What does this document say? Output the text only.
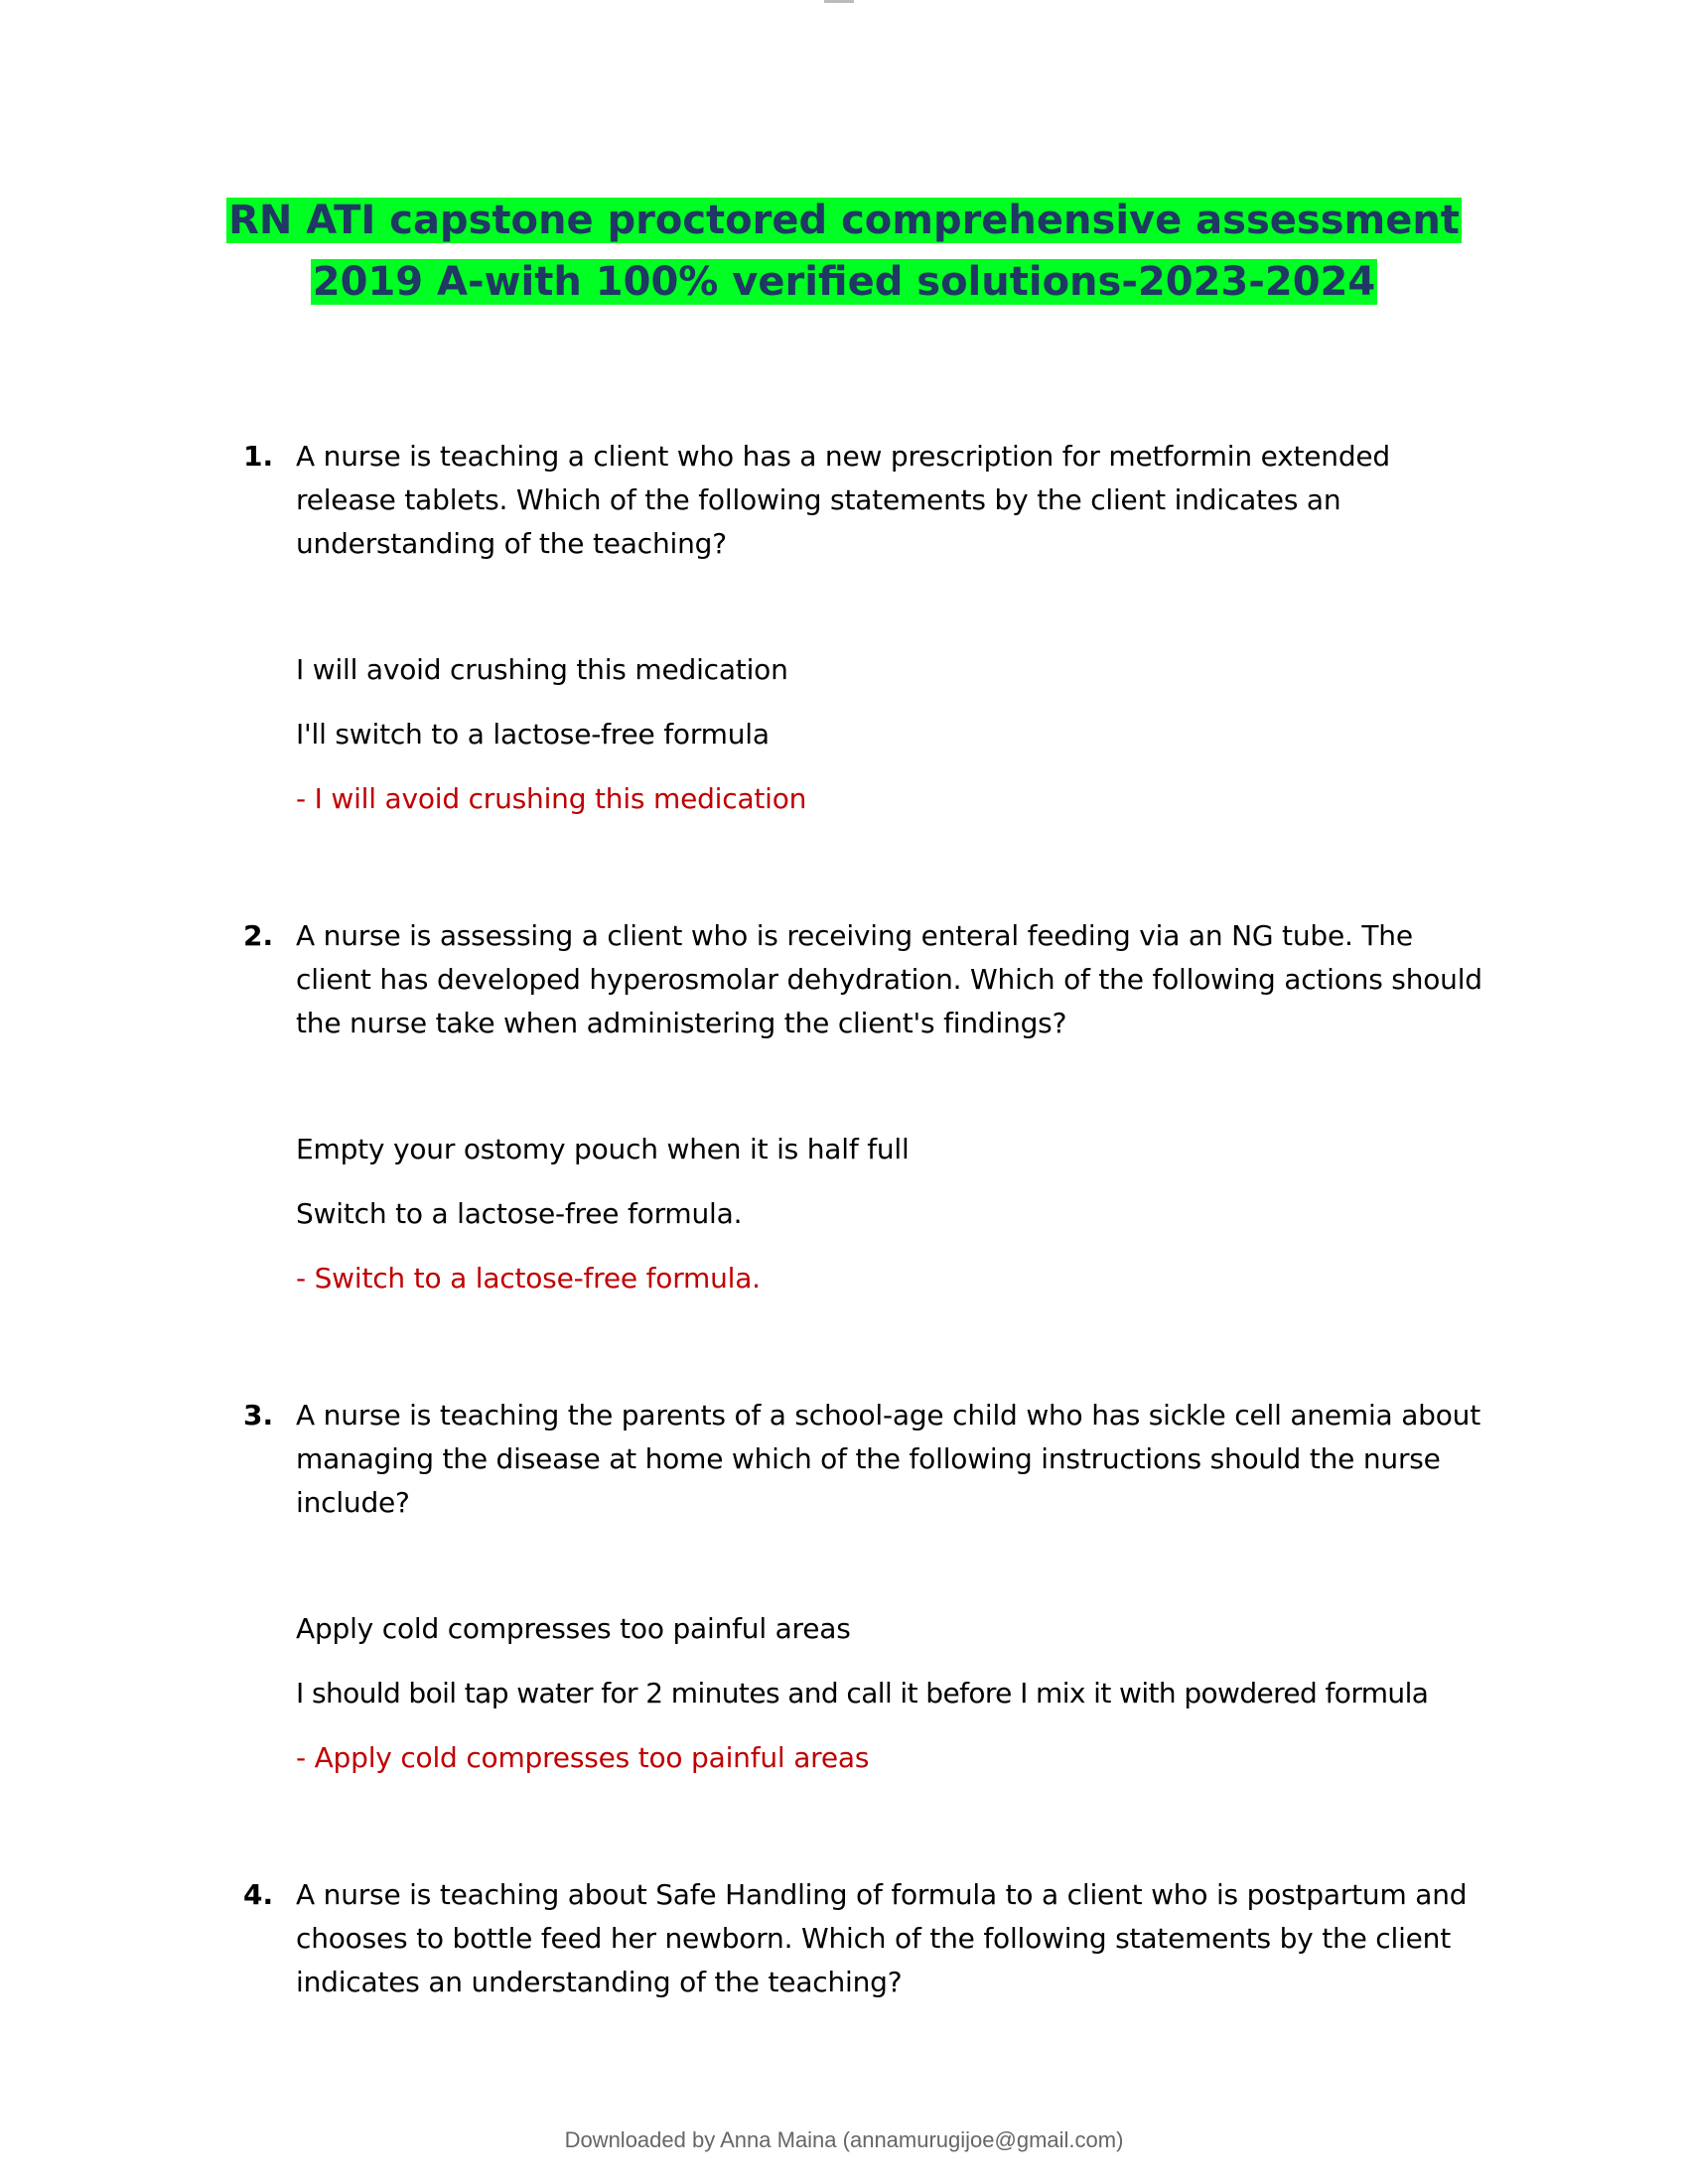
RN ATI capstone proctored comprehensive assessment
2019 A-with 100% verified solutions-2023-2024
1. A nurse is teaching a client who has a new prescription for metformin extended release tablets. Which of the following statements by the client indicates an understanding of the teaching?
I will avoid crushing this medication
I'll switch to a lactose-free formula
- I will avoid crushing this medication
2. A nurse is assessing a client who is receiving enteral feeding via an NG tube. The client has developed hyperosmolar dehydration. Which of the following actions should the nurse take when administering the client's findings?
Empty your ostomy pouch when it is half full
Switch to a lactose-free formula.
- Switch to a lactose-free formula.
3. A nurse is teaching the parents of a school-age child who has sickle cell anemia about managing the disease at home which of the following instructions should the nurse include?
Apply cold compresses too painful areas
I should boil tap water for 2 minutes and call it before I mix it with powdered formula
- Apply cold compresses too painful areas
4. A nurse is teaching about Safe Handling of formula to a client who is postpartum and chooses to bottle feed her newborn. Which of the following statements by the client indicates an understanding of the teaching?
Downloaded by Anna Maina (annamurugijoe@gmail.com)
